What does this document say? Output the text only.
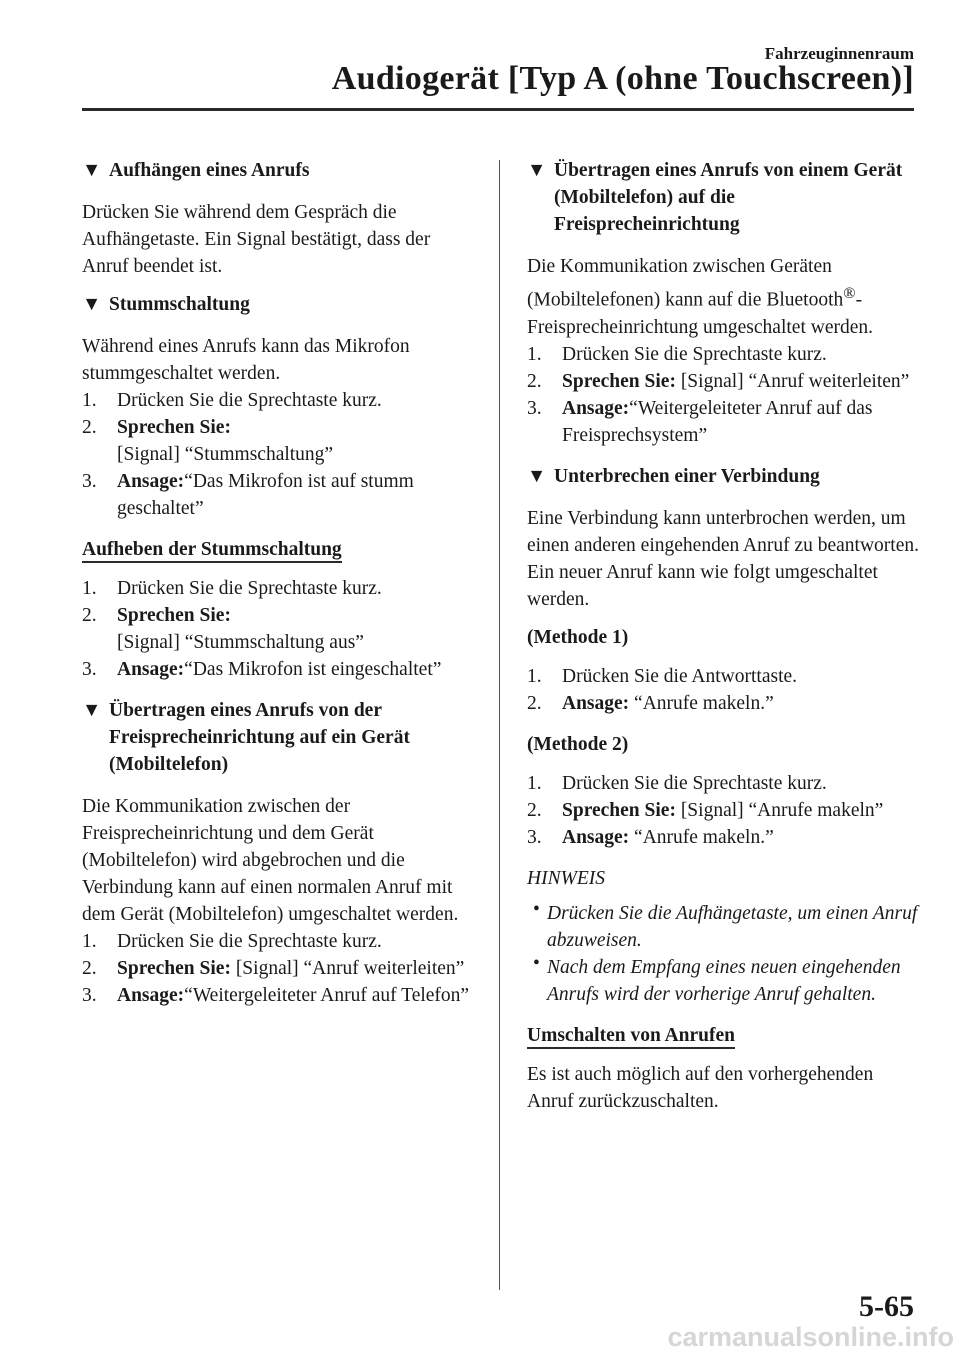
Fahrzeuginnenraum
Audiogerät [Typ A (ohne Touchscreen)]
▼ Aufhängen eines Anrufs

Drücken Sie während dem Gespräch die Aufhängetaste. Ein Signal bestätigt, dass der Anruf beendet ist.

▼ Stummschaltung

Während eines Anrufs kann das Mikrofon stummgeschaltet werden.

1. Drücken Sie die Sprechtaste kurz.
2. Sprechen Sie:
[Signal] “Stummschaltung”
3. Ansage:“Das Mikrofon ist auf stumm geschaltet”
Aufheben der Stummschaltung
1. Drücken Sie die Sprechtaste kurz.
2. Sprechen Sie:
[Signal] “Stummschaltung aus”
3. Ansage:“Das Mikrofon ist eingeschaltet”
▼ Übertragen eines Anrufs von der Freisprecheinrichtung auf ein Gerät (Mobiltelefon)

Die Kommunikation zwischen der Freisprecheinrichtung und dem Gerät (Mobiltelefon) wird abgebrochen und die Verbindung kann auf einen normalen Anruf mit dem Gerät (Mobiltelefon) umgeschaltet werden.

1. Drücken Sie die Sprechtaste kurz.
2. Sprechen Sie: [Signal] “Anruf weiterleiten”
3. Ansage:“Weitergeleiteter Anruf auf Telefon”
▼ Übertragen eines Anrufs von einem Gerät (Mobiltelefon) auf die Freisprecheinrichtung

Die Kommunikation zwischen Geräten (Mobiltelefonen) kann auf die Bluetooth®-Freisprecheinrichtung umgeschaltet werden.

1. Drücken Sie die Sprechtaste kurz.
2. Sprechen Sie: [Signal] “Anruf weiterleiten”
3. Ansage:“Weitergeleiteter Anruf auf das Freisprechsystem”
▼ Unterbrechen einer Verbindung

Eine Verbindung kann unterbrochen werden, um einen anderen eingehenden Anruf zu beantworten.

Ein neuer Anruf kann wie folgt umgeschaltet werden.

(Methode 1)
1. Drücken Sie die Antworttaste.
2. Ansage: “Anrufe makeln.”
(Methode 2)
1. Drücken Sie die Sprechtaste kurz.
2. Sprechen Sie: [Signal] “Anrufe makeln”
3. Ansage: “Anrufe makeln.”
HINWEIS
• Drücken Sie die Aufhängetaste, um einen Anruf abzuweisen.
• Nach dem Empfang eines neuen eingehenden Anrufs wird der vorherige Anruf gehalten.
Umschalten von Anrufen

Es ist auch möglich auf den vorhergehenden Anruf zurückzuschalten.

5-65
carmanualsonline.info
